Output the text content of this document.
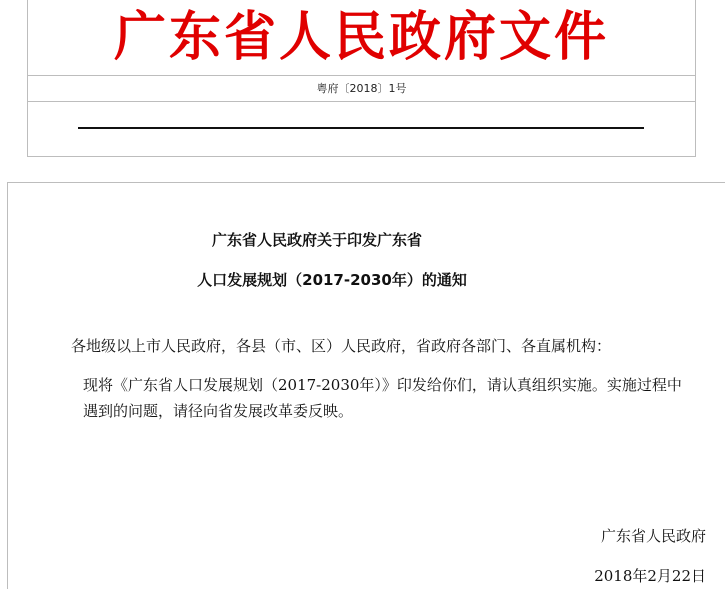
广东省人民政府文件
粤府〔2018〕1号
广东省人民政府关于印发广东省
人口发展规划（2017-2030年）的通知
各地级以上市人民政府，各县（市、区）人民政府，省政府各部门、各直属机构：
现将《广东省人口发展规划（2017-2030年）》印发给你们，请认真组织实施。实施过程中
遇到的问题，请径向省发展改革委反映。
广东省人民政府
2018年2月22日
